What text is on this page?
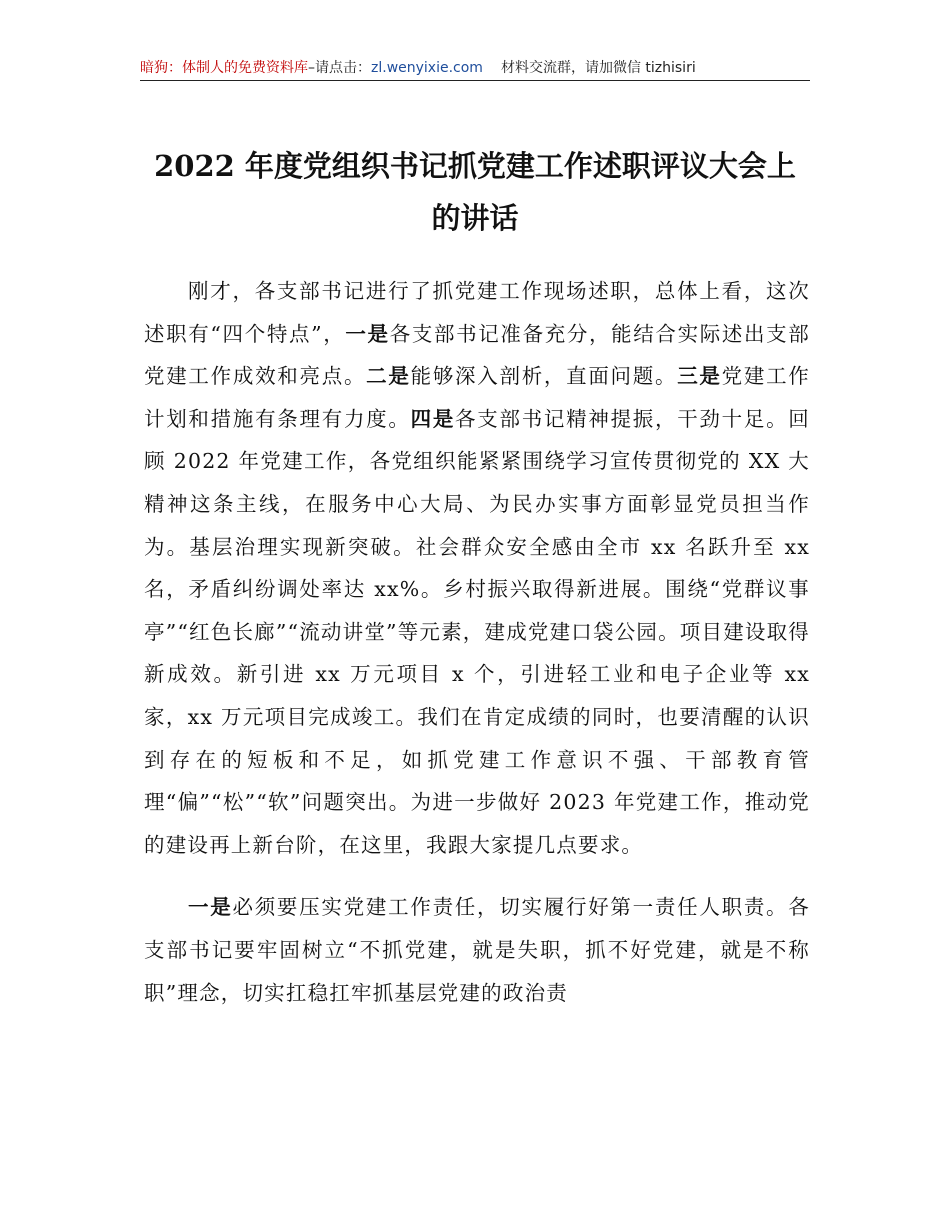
暗狗：体制人的免费资料库–请点击：zl.wenyixie.com 材料交流群，请加微信 tizhisiri
2022 年度党组织书记抓党建工作述职评议大会上的讲话

刚才，各支部书记进行了抓党建工作现场述职，总体上看，这次述职有“四个特点”，一是各支部书记准备充分，能结合实际述出支部党建工作成效和亮点。二是能够深入剖析，直面问题。三是党建工作计划和措施有条理有力度。四是各支部书记精神提振，干劲十足。回顾 2022 年党建工作，各党组织能紧紧围绕学习宣传贯彻党的 XX 大精神这条主线，在服务中心大局、为民办实事方面彰显党员担当作为。基层治理实现新突破。社会群众安全感由全市 xx 名跃升至 xx 名，矛盾纠纷调处率达 xx%。乡村振兴取得新进展。围绕“党群议事亭”“红色长廊”“流动讲堂”等元素，建成党建口袋公园。项目建设取得新成效。新引进 xx 万元项目 x 个，引进轻工业和电子企业等 xx 家，xx 万元项目完成竣工。我们在肯定成绩的同时，也要清醒的认识到存在的短板和不足，如抓党建工作意识不强、干部教育管理“偏”“松”“软”问题突出。为进一步做好 2023 年党建工作，推动党的建设再上新台阶，在这里，我跟大家提几点要求。

一是必须要压实党建工作责任，切实履行好第一责任人职责。各支部书记要牢固树立“不抓党建，就是失职，抓不好党建，就是不称职”理念，切实扛稳扛牢抓基层党建的政治责
